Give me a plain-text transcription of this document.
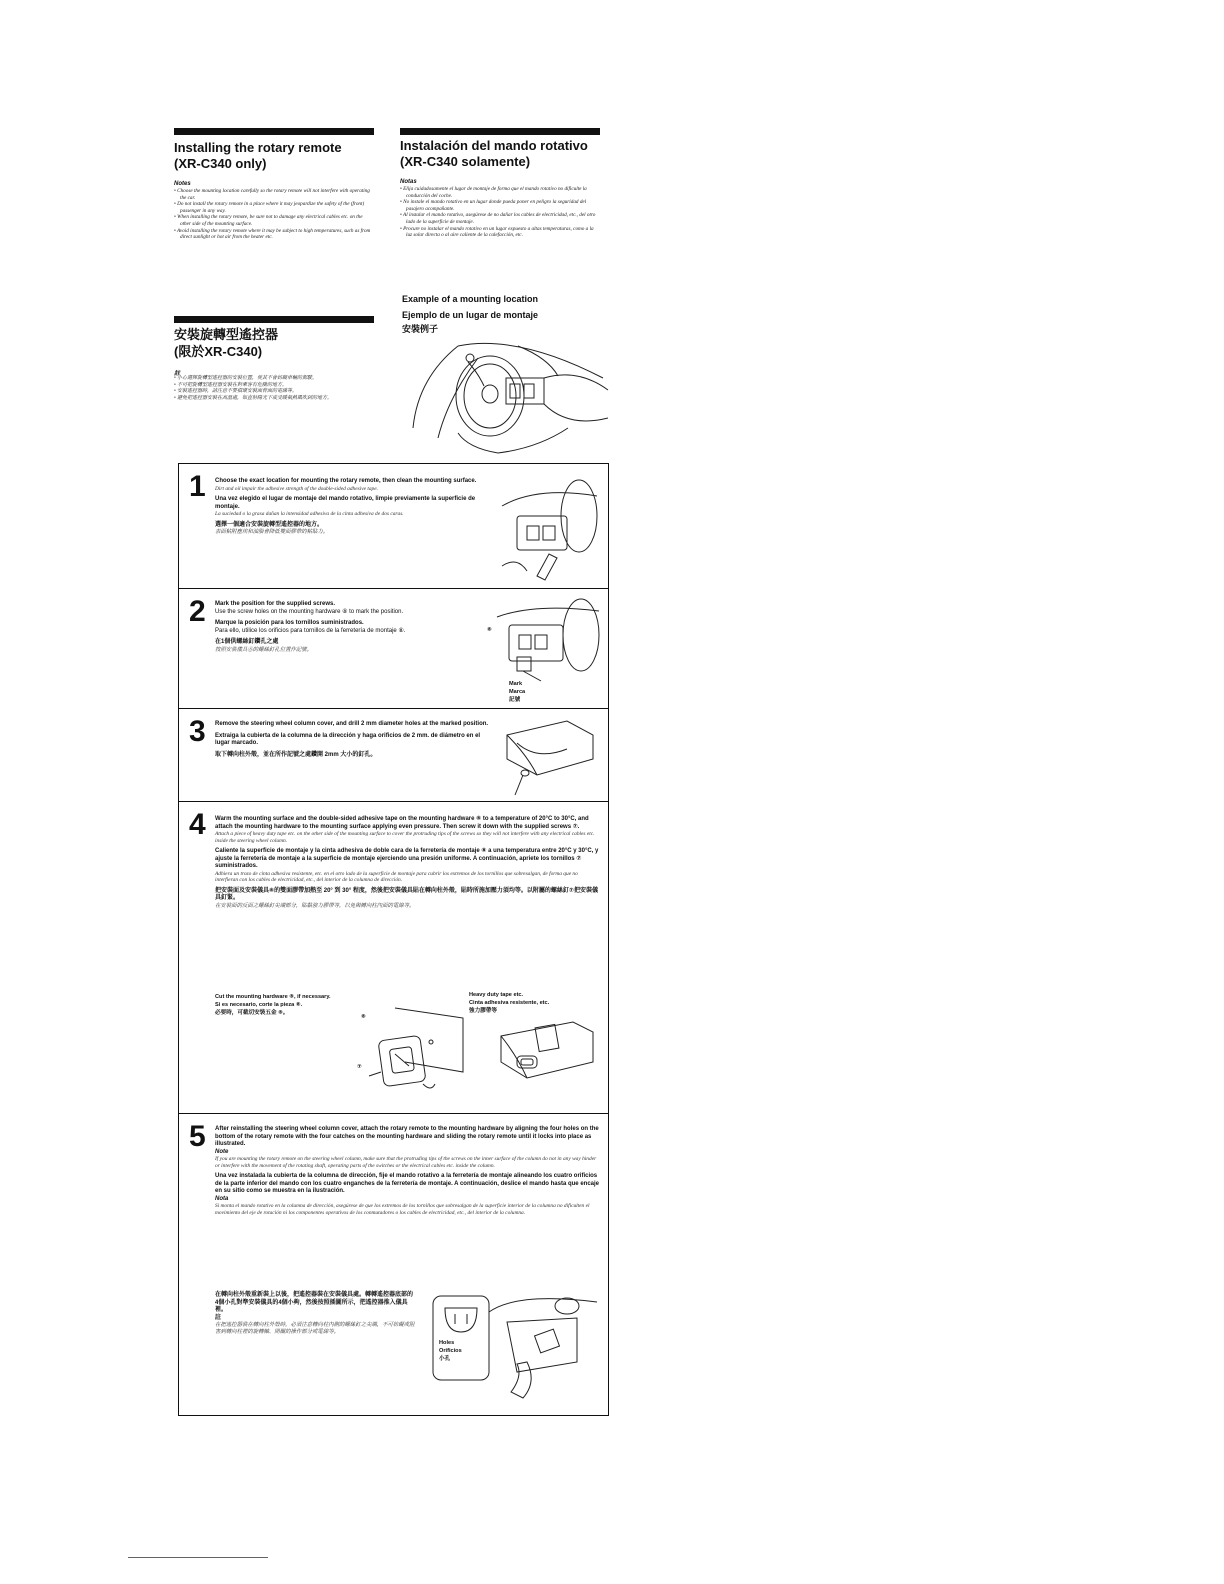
Installing the rotary remote
(XR-C340 only)
Notes
• Choose the mounting location carefully so the rotary remote will not interfere with operating the car.
• Do not install the rotary remote in a place where it may jeopardize the safety of the (front) passenger in any way.
• When installing the rotary remote, be sure not to damage any electrical cables etc. on the other side of the mounting surface.
• Avoid installing the rotary remote where it may be subject to high temperatures, such as from direct sunlight or hot air from the heater etc.
Instalación del mando rotativo
(XR-C340 solamente)
Notas
• Elija cuidadosamente el lugar de montaje de forma que el mando rotativo no dificulte la conducción del coche.
• No instale el mando rotativo en un lugar donde pueda poner en peligro la seguridad del pasajero acompañante.
• Al instalar el mando rotativo, asegúrese de no dañar los cables de electricidad, etc., del otro lado de la superficie de montaje.
• Procure no instalar el mando rotativo en un lugar expuesto a altas temperaturas, como a la luz solar directa o al aire caliente de la calefacción, etc.
Example of a mounting location
Ejemplo de un lugar de montaje
安裝例子
安裝旋轉型遙控器
(限於XR-C340)
註
• 小心選擇旋轉型遙控器的安裝位置，使其不會妨礙車輛的駕駛。
• 不可把旋轉型遙控器安裝在對乘客有危險的地方。
• 安裝遙控器時，請注意不要損壞安裝面背面的電線等。
• 避免把遙控器安裝在高溫處，如直射陽光下或受暖氣熱風吹到的地方。
1 Choose the exact location for mounting the rotary remote, then clean the mounting surface.
Dirt and oil impair the adhesive strength of the double-sided adhesive tape.
Una vez elegido el lugar de montaje del mando rotativo, limpie previamente la superficie de montaje.
La suciedad o la grasa dañan la intensidad adhesiva de la cinta adhesiva de dos caras.
選擇一個適合安裝旋轉型遙控器的地方。
表面粘附塵埃和油脂會降低雙面膠帶的粘貼力。
2 Mark the position for the supplied screws.
Use the screw holes on the mounting hardware ⑧ to mark the position.
Marque la posición para los tornillos suministrados.
Para ello, utilice los orificios para tornillos de la ferretería de montaje ⑧.
在1個供螺絲釘鑽孔之處
按照安裝儀具⑧的螺絲釘孔位置作記號。
⑧
Mark
Marca
記號
3 Remove the steering wheel column cover, and drill 2 mm diameter holes at the marked position.
Extraiga la cubierta de la columna de la dirección y haga orificios de 2 mm. de diámetro en el lugar marcado.
取下轉向柱外殼，並在所作記號之處鑽開 2mm 大小的釘孔。
4 Warm the mounting surface and the double-sided adhesive tape on the mounting hardware ⑧ to a temperature of 20°C to 30°C, and attach the mounting hardware to the mounting surface applying even pressure. Then screw it down with the supplied screws ⑦.
Attach a piece of heavy duty tape etc. on the other side of the mounting surface to cover the protruding tips of the screws so they will not interfere with any electrical cables etc. inside the steering wheel column.
Caliente la superficie de montaje y la cinta adhesiva de doble cara de la ferretería de montaje ⑧ a una temperatura entre 20°C y 30°C, y ajuste la ferretería de montaje a la superficie de montaje ejerciendo una presión uniforme. A continuación, apriete los tornillos ⑦ suministrados.
Adhiera un trozo de cinta adhesiva resistente, etc. en el otro lado de la superficie de montaje para cubrir los extremos de los tornillos que sobresalgan, de forma que no interfieran con los cables de electricidad, etc., del interior de la columna de dirección.
把安裝面及安裝儀具⑧的雙面膠帶加熱至 20° 到 30° 程度，然後把安裝儀具貼在轉向柱外殼，貼時所施加壓力須均等。以附屬的螺絲釘⑦把安裝儀具釘緊。
在安裝面的反面之螺絲釘尖端部分，貼黏強力膠帶等，以免與轉向柱內面的電線等。
Cut the mounting hardware ⑧, if necessary.
Si es necesario, corte la pieza ⑧.
必要時，可截切安裝五金 ⑧。
Heavy duty tape etc.
Cinta adhesiva resistente, etc.
強力膠帶等
⑧
⑦
5 After reinstalling the steering wheel column cover, attach the rotary remote to the mounting hardware by aligning the four holes on the bottom of the rotary remote with the four catches on the mounting hardware and sliding the rotary remote until it locks into place as illustrated.
Note
If you are mounting the rotary remote on the steering wheel column, make sure that the protruding tips of the screws on the inner surface of the column do not in any way hinder or interfere with the movement of the rotating shaft, operating parts of the switches or the electrical cables etc. inside the column.
Una vez instalada la cubierta de la columna de dirección, fije el mando rotativo a la ferretería de montaje alineando los cuatro orificios de la parte inferior del mando con los cuatro enganches de la ferretería de montaje. A continuación, deslice el mando hasta que encaje en su sitio como se muestra en la ilustración.
Nota
Si monta el mando rotativo en la columna de dirección, asegúrese de que los extremos de los tornillos que sobresalgan de la superficie interior de la columna no dificulten el movimiento del eje de rotación ni los componentes operativos de los conmutadores o los cables de electricidad, etc., del interior de la columna.
在轉向柱外殼重新裝上以後，把遙控器裝在安裝儀具處。轉轉遙控器底部的4個小孔對準安裝儀具的4個小夠，然後按照插圖所示，把遙控器推入儀具裡。
註
在把遙控器裝在轉向柱外殼時，必須注意轉向柱內側的螺絲釘之尖端，不可妨礙或阻害到轉向柱裡的旋轉軸、開關的操作部分或電線等。
Holes
Orificios
小孔
